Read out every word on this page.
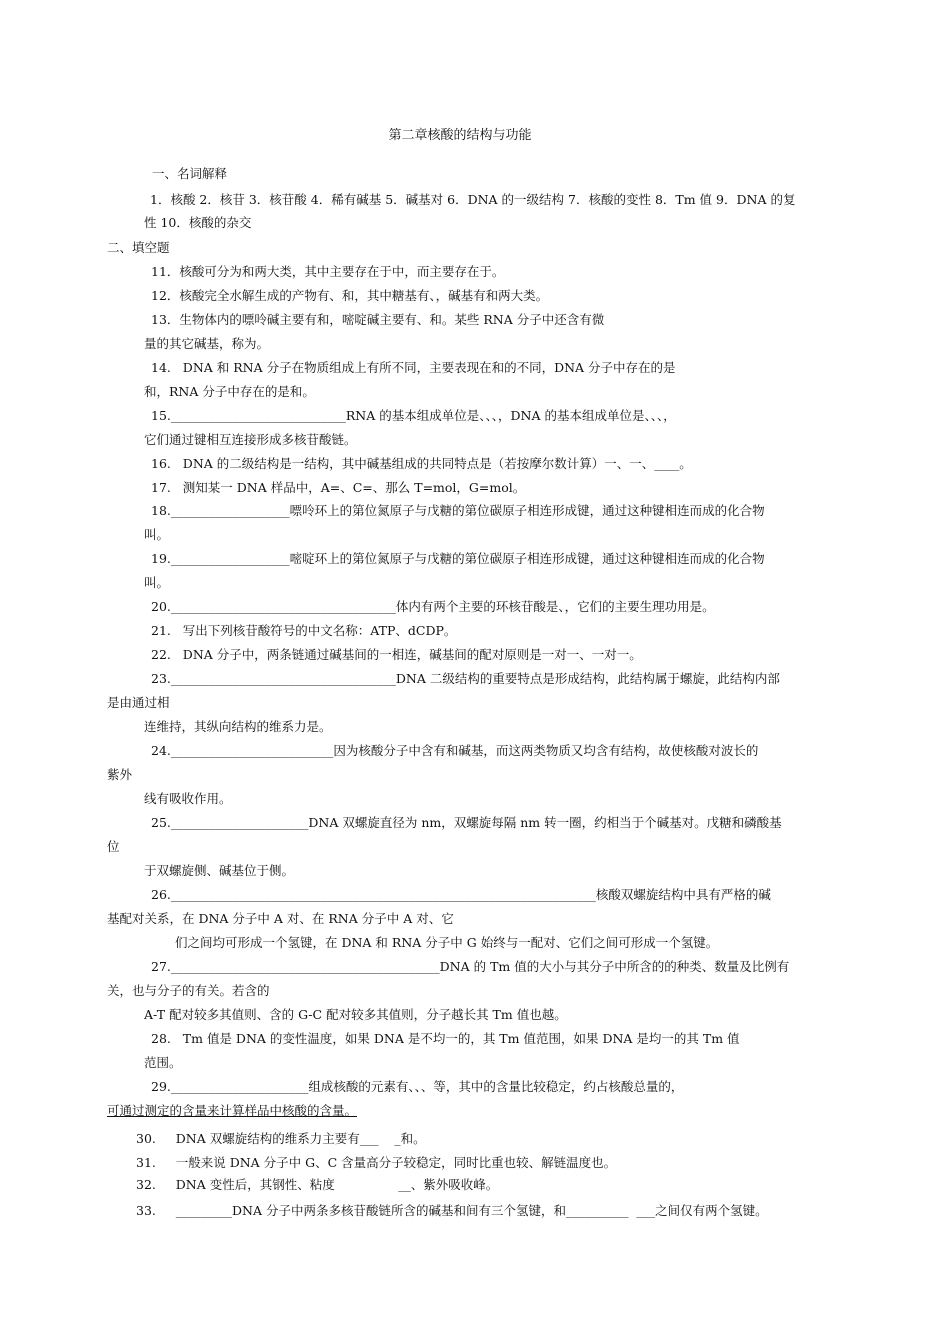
第二章核酸的结构与功能
一、名词解释
1．核酸 2．核苷 3．核苷酸 4．稀有碱基 5．碱基对 6．DNA 的一级结构 7．核酸的变性 8．Tm 值 9．DNA 的复
性 10．核酸的杂交
二、填空题
11．核酸可分为和两大类，其中主要存在于中，而主要存在于。
12．核酸完全水解生成的产物有、和，其中糖基有、，碱基有和两大类。
13．生物体内的嘌呤碱主要有和，嘧啶碱主要有、和。某些 RNA 分子中还含有微
量的其它碱基，称为。
14.   DNA 和 RNA 分子在物质组成上有所不同，主要表现在和的不同，DNA 分子中存在的是
和，RNA 分子中存在的是和。
15.____________________________RNA 的基本组成单位是、、、，DNA 的基本组成单位是、、、，
它们通过键相互连接形成多核苷酸链。
16.   DNA 的二级结构是一结构，其中碱基组成的共同特点是（若按摩尔数计算）一、一、____。
17.   测知某一 DNA 样品中，A=、C=、那么 T=mol，G=mol。
18.___________________嘌呤环上的第位氮原子与戊糖的第位碳原子相连形成键，通过这种键相连而成的化合物
叫。
19.___________________嘧啶环上的第位氮原子与戊糖的第位碳原子相连形成键，通过这种键相连而成的化合物
叫。
20.____________________________________体内有两个主要的环核苷酸是、，它们的主要生理功用是。
21.   写出下列核苷酸符号的中文名称：ATP、dCDP。
22.   DNA 分子中，两条链通过碱基间的一相连，碱基间的配对原则是一对一、一对一。
23.____________________________________DNA 二级结构的重要特点是形成结构，此结构属于螺旋，此结构内部
是由通过相
连维持，其纵向结构的维系力是。
24.__________________________因为核酸分子中含有和碱基，而这两类物质又均含有结构，故使核酸对波长的
紫外
线有吸收作用。
25.______________________DNA 双螺旋直径为 nm，双螺旋每隔 nm 转一圈，约相当于个碱基对。戊糖和磷酸基
位
于双螺旋侧、碱基位于侧。
26.____________________________________________________________________核酸双螺旋结构中具有严格的碱
基配对关系，在 DNA 分子中 A 对、在 RNA 分子中 A 对、它
们之间均可形成一个氢键，在 DNA 和 RNA 分子中 G 始终与一配对、它们之间可形成一个氢键。
27.___________________________________________DNA 的 Tm 值的大小与其分子中所含的的种类、数量及比例有
关，也与分子的有关。若含的
A-T 配对较多其值则、含的 G-C 配对较多其值则，分子越长其 Tm 值也越。
28.   Tm 值是 DNA 的变性温度，如果 DNA 是不均一的，其 Tm 值范围，如果 DNA 是均一的其 Tm 值
范围。
29.______________________组成核酸的元素有、、、等，其中的含量比较稳定，约占核酸总量的，
可通过测定的含量来计算样品中核酸的含量。
30.     DNA 双螺旋结构的维系力主要有___    _和。
31.     一般来说 DNA 分子中 G、C 含量高分子较稳定，同时比重也较、解链温度也。
32.     DNA 变性后，其钢性、粘度                __、紫外吸收峰。
33.     _________DNA 分子中两条多核苷酸链所含的碱基和间有三个氢键，和__________  ___之间仅有两个氢键。
